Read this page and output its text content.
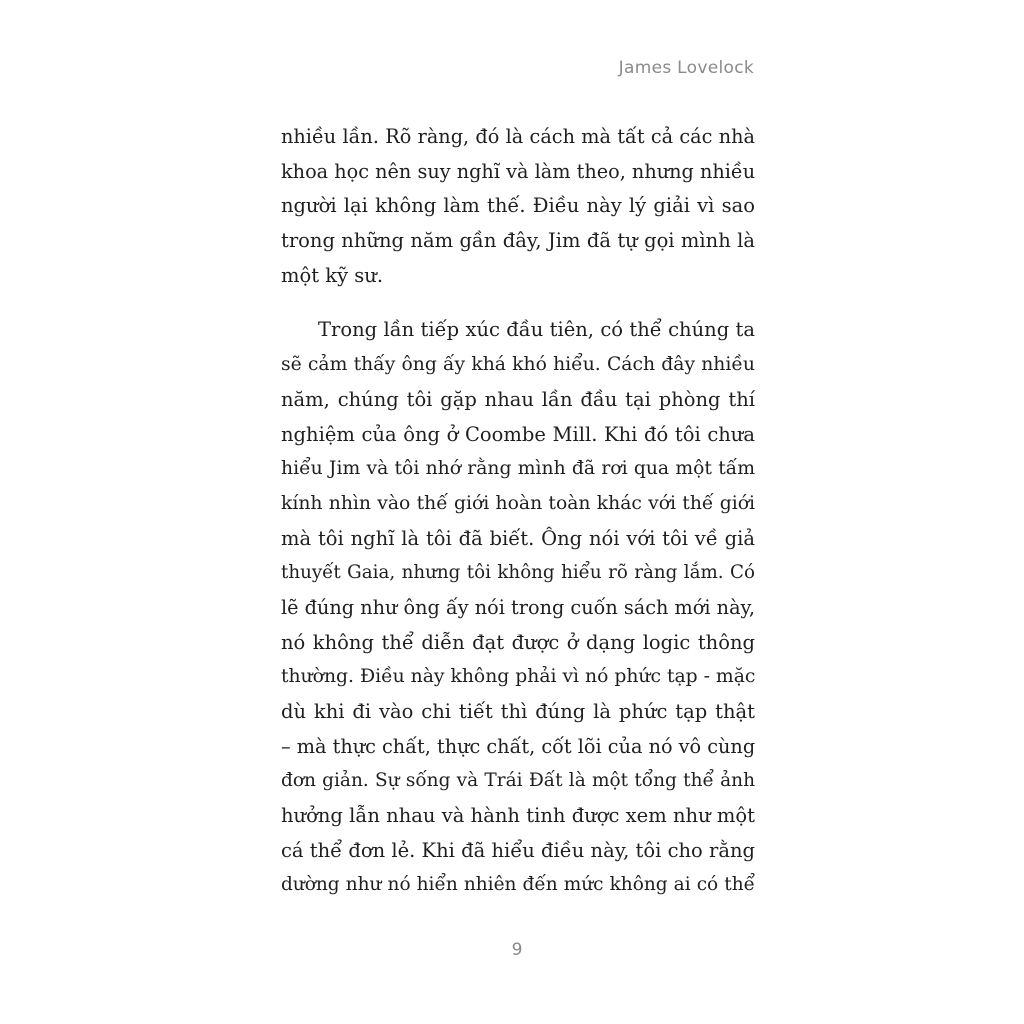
James Lovelock
nhiều lần. Rõ ràng, đó là cách mà tất cả các nhà
khoa học nên suy nghĩ và làm theo, nhưng nhiều
người lại không làm thế. Điều này lý giải vì sao
trong những năm gần đây, Jim đã tự gọi mình là
một kỹ sư.
Trong lần tiếp xúc đầu tiên, có thể chúng ta
sẽ cảm thấy ông ấy khá khó hiểu. Cách đây nhiều
năm, chúng tôi gặp nhau lần đầu tại phòng thí
nghiệm của ông ở Coombe Mill. Khi đó tôi chưa
hiểu Jim và tôi nhớ rằng mình đã rơi qua một tấm
kính nhìn vào thế giới hoàn toàn khác với thế giới
mà tôi nghĩ là tôi đã biết. Ông nói với tôi về giả
thuyết Gaia, nhưng tôi không hiểu rõ ràng lắm. Có
lẽ đúng như ông ấy nói trong cuốn sách mới này,
nó không thể diễn đạt được ở dạng logic thông
thường. Điều này không phải vì nó phức tạp - mặc
dù khi đi vào chi tiết thì đúng là phức tạp thật
– mà thực chất, thực chất, cốt lõi của nó vô cùng
đơn giản. Sự sống và Trái Đất là một tổng thể ảnh
hưởng lẫn nhau và hành tinh được xem như một
cá thể đơn lẻ. Khi đã hiểu điều này, tôi cho rằng
dường như nó hiển nhiên đến mức không ai có thể
9
